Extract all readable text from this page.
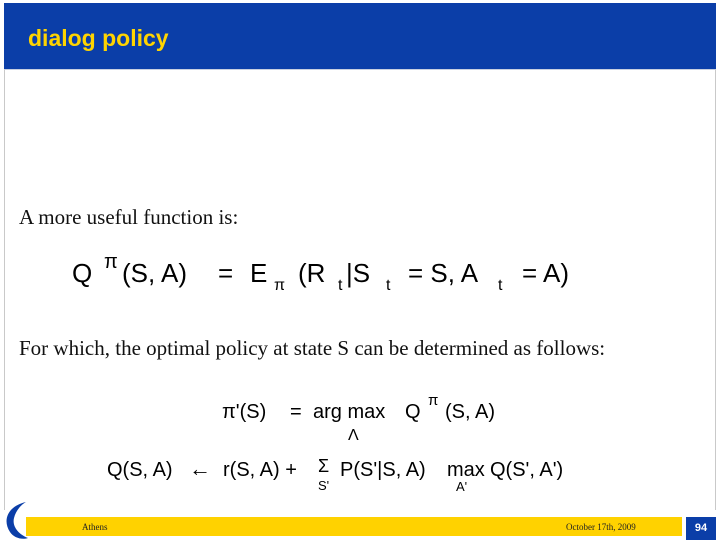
dialog policy
A more useful function is:
Q π (S, A) = E π (R t |S t = S, A t = A)
For which, the optimal policy at state S can be determined as follows:
π'(S) = arg max Q
π
(S, A)
Λ
Q(S, A) ← r(S, A) + Σ
S'
P(S'|S, A) max
A'
Q(S', A')
Athens	October 17th, 2009	94
